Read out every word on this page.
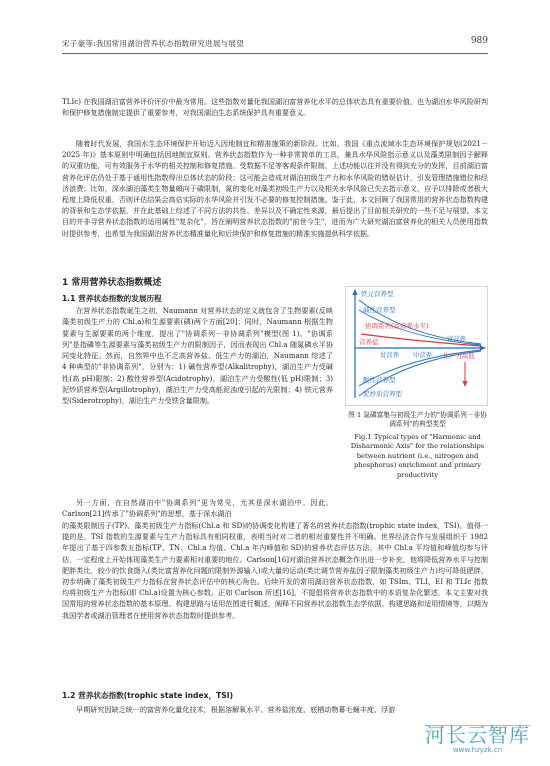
宋子豪等:我国常用湖泊营养状态指数研究进展与展望	989
TLIc) 在我国湖泊富营养评价评价中最为常用。这些指数对量化我国湖泊富营养化水平的总体状态具有重要价值，也为湖泊水华风险研判和保护修复措施制定提供了重要参考，对我国湖泊生态系统保护具有重要意义。
随着时代发展，我国水生态环境保护开始迈入因地制宜和精准施策的新阶段。比如，我国《重点流域水生态环境保护规划(2021－2025 年)》基本原则中明确包括因地制宜原则。营养状态指数作为一种非常简单的工具，兼具水华风险指示意义以及藻类限制因子解释的双重功能，可有效服务于水华的相关控制和修复措施。受数据不足等客观条件限制，上述功能以往并没有得到充分的发挥，目前湖泊富营养化评估仍处于基于通用性指数得出总体状态的阶段；这可能会造成对湖泊初级生产力和水华风险的错误估计，引发管理措施错位和经济浪费；比如，深水湖泊藻类生物量頗向于磷限制，氮的变化对藻类初级生产力以及相关水华风险已失去指示意义，应予以排除或者极大程度上降低权重，否则评估结果会高估实际的水华风险并引发不必要的修复控制措施。鉴于此，本文回顾了我国常用的营养状态指数构建的背景和生态学依据，并在此基础上综述了不同方法的共性、差异以及不确定性来源，最后提出了目前相关研究的一些不足与展望。本文目的并非寻营养状态指数的适用属性"复杂化"，旨在阐明营养状态指数的"前世今生"，进而为广大研究湖泊富营养化的相关人员使用指数时提供参考，也希望为我国湖泊营养状态精准量化和后续保护和修复措施的精准实施提供科学依据。
1 常用营养状态指数概述
1.1 营养状态指数的发展历程
在营养状态指数诞生之初，Naumann 对营养状态的定义就包含了生物要素(反映藻类初级生产力的 Chl.a)和生源要素(磷)两个方面[20]；同时，Naumann 根据生物要素与生源要素的两个维度，提出了"协调系列－非协调系列"模型(图 1)。"协调系列"是指磷等生源要素与藻类初级生产力的限制因子，因而表现出 Chl.a 随氮磷水平协同变化特征。然而，自然界中也不乏高营养盐、低生产力的湖泊，Naumann 综述了 4 种典型的"非协调系列"，分别为：1) 碱性营养型(Alkalitrophy)，湖泊生产力受碱性(高 pH)限制；2) 酸性营养型(Acidotrophy)，湖泊生产力受酸性(低 pH)限制；3) 泥炒质营养型(Argillotrophy)，湖泊生产力受高能泥浊度引起的光限制；4) 铁元营养型(Siderotrophy)，湖泊生产力受铁含量限制。
另一方面，在自然湖泊中"协调系列"更为常见，尤其是深水湖泊中。因此，Carlson[21]传承了"协调系列"的思想，基于深水湖泊
铁元营养型
碱性营养型
协调系列(富营养水平)
营养盐	富营养
中营养
贫营养	生产力高低
酸性营养型
泥炒质营养型
图 1 氮磷富集与初级生产力的"协调系列－非协调系列"的典型类型
Fig.1 Typical types of "Harmonic and Disharmonic Axis" for the relationships between nutrient (i.e., nitrogen and phosphorus) enrichment and primary productivity
的藻类限制因子(TP)、藻类初级生产力指标(Chl.a 和 SD)的协调变化构建了著名的营养状态指数(trophic state index，TSI)。值得一提的是，TSI 指数的生源要素与生产力指标具有相同权重，表明当时对二者的相对重要性并不明确。世界经济合作与发展组织于 1982 年提出了基于四参数五指标(TP、TN、Chl.a 均值、Chl.a 年内峰值和 SD)的营养状态评估方法，其中 Chl.a 平均值和峰值均参与评估，一定程度上开始体现藻类生产力要素相对重要的地位。Carlson[16]对湖泊营养状态概念作出进一步补充，他将降低营养水平与控制肥胖类比，较少的饮食摄入(类比富营养化问题的限制外源输入)或大量的运动(类比调节营养盐因子限制藻类初级生产力)均可降低肥胖，初步明确了藻类初级生产力指标在营养状态评估中的核心角色。后续开发的常用湖泊营养状态指数，如 TSIm、TLI、EI 和 TLIc 指数均将初级生产力指标(即 Chl.a)设置为核心参数。正如 Carlson 所述[16]，不提倡将营养状态指数中的本语复杂化繁述，本文主要对我国常用的营养状态指数的基本原理、构建思路与适用范围进行概述，阐释不同营养状态指数生态学依据、构建思路和适用情境等，以期为我国学者或湖泊管理者在使用营养状态指数时提供参考。
1.2 营养状态指数(trophic state index，TSI)
早期研究因缺乏统一的富营养化量化技术，根据溶解氧水平、营养盐浓度、底栖动物幕毛蛹丰度、浮游
河长云智库
www.hzyzk.cn
